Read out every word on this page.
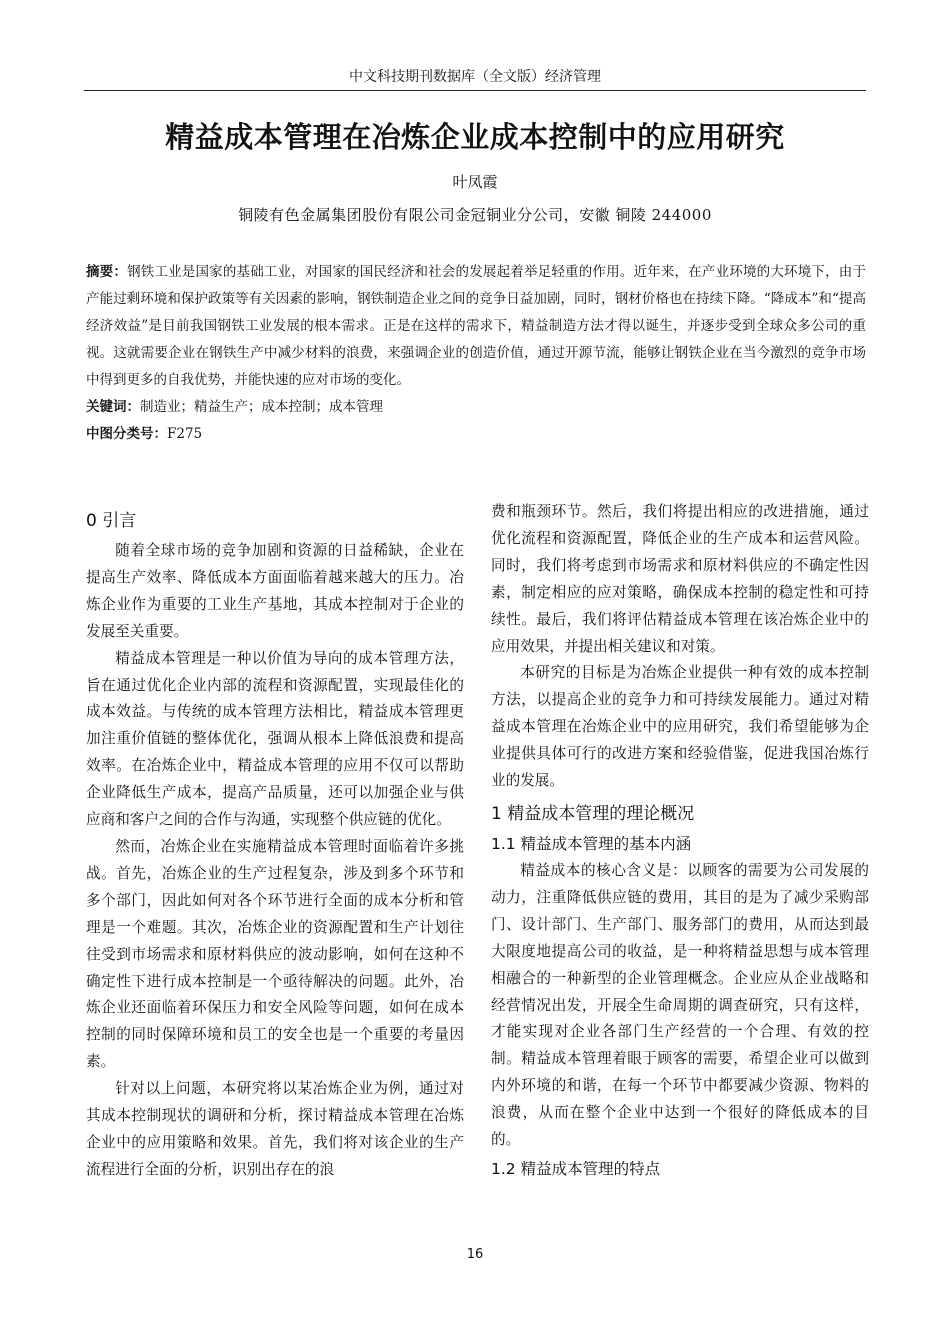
中文科技期刊数据库（全文版）经济管理
精益成本管理在冶炼企业成本控制中的应用研究
叶凤霞
铜陵有色金属集团股份有限公司金冠铜业分公司，安徽 铜陵 244000

摘要：钢铁工业是国家的基础工业，对国家的国民经济和社会的发展起着举足轻重的作用。近年来，在产业环境的大环境下，由于产能过剩环境和保护政策等有关因素的影响，钢铁制造企业之间的竞争日益加剧，同时，钢材价格也在持续下降。“降成本”和“提高经济效益”是目前我国钢铁工业发展的根本需求。正是在这样的需求下，精益制造方法才得以诞生，并逐步受到全球众多公司的重视。这就需要企业在钢铁生产中减少材料的浪费，来强调企业的创造价值，通过开源节流，能够让钢铁企业在当今激烈的竞争市场中得到更多的自我优势，并能快速的应对市场的变化。

关键词：制造业；精益生产；成本控制；成本管理

中图分类号：F275

0 引言

随着全球市场的竞争加剧和资源的日益稀缺，企业在提高生产效率、降低成本方面面临着越来越大的压力。冶炼企业作为重要的工业生产基地，其成本控制对于企业的发展至关重要。

精益成本管理是一种以价值为导向的成本管理方法，旨在通过优化企业内部的流程和资源配置，实现最佳化的成本效益。与传统的成本管理方法相比，精益成本管理更加注重价值链的整体优化，强调从根本上降低浪费和提高效率。在冶炼企业中，精益成本管理的应用不仅可以帮助企业降低生产成本，提高产品质量，还可以加强企业与供应商和客户之间的合作与沟通，实现整个供应链的优化。

然而，冶炼企业在实施精益成本管理时面临着许多挑战。首先，冶炼企业的生产过程复杂，涉及到多个环节和多个部门，因此如何对各个环节进行全面的成本分析和管理是一个难题。其次，冶炼企业的资源配置和生产计划往往受到市场需求和原材料供应的波动影响，如何在这种不确定性下进行成本控制是一个亟待解决的问题。此外，冶炼企业还面临着环保压力和安全风险等问题，如何在成本控制的同时保障环境和员工的安全也是一个重要的考量因素。

针对以上问题，本研究将以某冶炼企业为例，通过对其成本控制现状的调研和分析，探讨精益成本管理在冶炼企业中的应用策略和效果。首先，我们将对该企业的生产流程进行全面的分析，识别出存在的浪

费和瓶颈环节。然后，我们将提出相应的改进措施，通过优化流程和资源配置，降低企业的生产成本和运营风险。同时，我们将考虑到市场需求和原材料供应的不确定性因素，制定相应的应对策略，确保成本控制的稳定性和可持续性。最后，我们将评估精益成本管理在该冶炼企业中的应用效果，并提出相关建议和对策。

本研究的目标是为冶炼企业提供一种有效的成本控制方法，以提高企业的竞争力和可持续发展能力。通过对精益成本管理在冶炼企业中的应用研究，我们希望能够为企业提供具体可行的改进方案和经验借鉴，促进我国冶炼行业的发展。

1 精益成本管理的理论概况
1.1 精益成本管理的基本内涵

精益成本的核心含义是：以顾客的需要为公司发展的动力，注重降低供应链的费用，其目的是为了减少采购部门、设计部门、生产部门、服务部门的费用，从而达到最大限度地提高公司的收益，是一种将精益思想与成本管理相融合的一种新型的企业管理概念。企业应从企业战略和经营情况出发，开展全生命周期的调查研究，只有这样，才能实现对企业各部门生产经营的一个合理、有效的控制。精益成本管理着眼于顾客的需要，希望企业可以做到内外环境的和谐，在每一个环节中都要减少资源、物料的浪费，从而在整个企业中达到一个很好的降低成本的目的。

1.2 精益成本管理的特点
16
